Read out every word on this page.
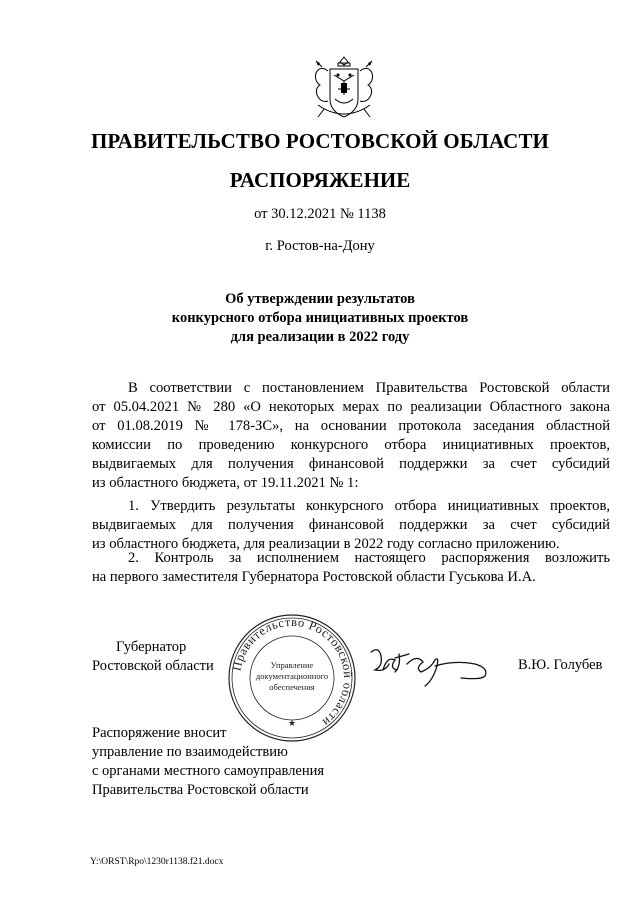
ПРАВИТЕЛЬСТВО РОСТОВСКОЙ ОБЛАСТИ
РАСПОРЯЖЕНИЕ
от 30.12.2021 № 1138
г. Ростов-на-Дону
Об утверждении результатов
конкурсного отбора инициативных проектов
для реализации в 2022 году
В соответствии с постановлением Правительства Ростовской области
от 05.04.2021 № 280 «О некоторых мерах по реализации Областного закона
от 01.08.2019 № 178-ЗС», на основании протокола заседания областной
комиссии по проведению конкурсного отбора инициативных проектов,
выдвигаемых для получения финансовой поддержки за счет субсидий
из областного бюджета, от 19.11.2021 № 1:
1. Утвердить результаты конкурсного отбора инициативных проектов,
выдвигаемых для получения финансовой поддержки за счет субсидий
из областного бюджета, для реализации в 2022 году согласно приложению.
2. Контроль за исполнением настоящего распоряжения возложить
на первого заместителя Губернатора Ростовской области Гуськова И.А.
Губернатор
Ростовской области Правительство Ростовской области
Управление
документационного
обеспечения
★
В.Ю. Голубев
Распоряжение вносит
управление по взаимодействию
с органами местного самоуправления
Правительства Ростовской области
Y:\ORST\Rpo\1230r1138.f21.docx
